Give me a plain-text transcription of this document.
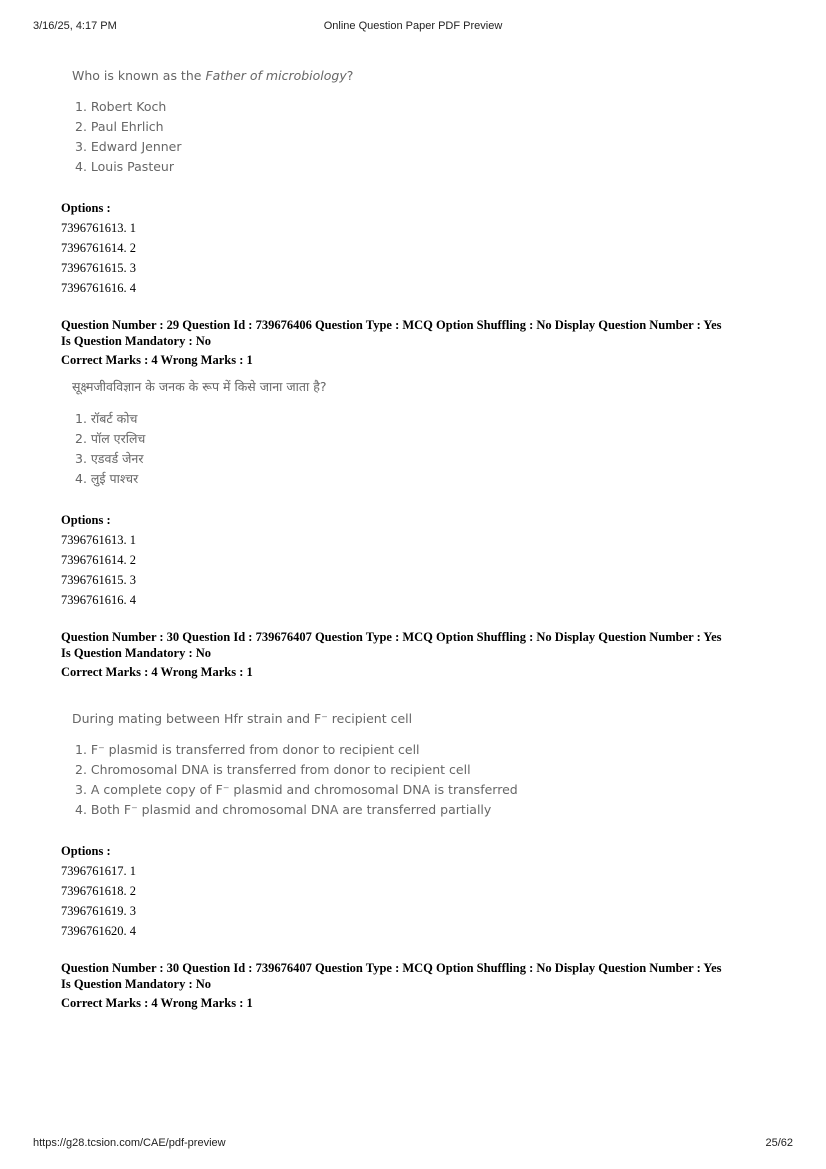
3/16/25, 4:17 PM	Online Question Paper PDF Preview

Who is known as the Father of microbiology?

1. Robert Koch
2. Paul Ehrlich
3. Edward Jenner
4. Louis Pasteur
Options :
7396761613. 1
7396761614. 2
7396761615. 3
7396761616. 4
Question Number : 29 Question Id : 739676406 Question Type : MCQ Option Shuffling : No Display Question Number : Yes
Is Question Mandatory : No
Correct Marks : 4 Wrong Marks : 1

सूक्ष्मजीवविज्ञान के जनक के रूप में किसे जाना जाता है?

1. रॉबर्ट कोच
2. पॉल एरलिच
3. एडवर्ड जेनर
4. लुई पाश्चर
Options :
7396761613. 1
7396761614. 2
7396761615. 3
7396761616. 4
Question Number : 30 Question Id : 739676407 Question Type : MCQ Option Shuffling : No Display Question Number : Yes
Is Question Mandatory : No
Correct Marks : 4 Wrong Marks : 1

During mating between Hfr strain and F⁻ recipient cell

1. F⁻ plasmid is transferred from donor to recipient cell
2. Chromosomal DNA is transferred from donor to recipient cell
3. A complete copy of F⁻ plasmid and chromosomal DNA is transferred
4. Both F⁻ plasmid and chromosomal DNA are transferred partially
Options :
7396761617. 1
7396761618. 2
7396761619. 3
7396761620. 4
Question Number : 30 Question Id : 739676407 Question Type : MCQ Option Shuffling : No Display Question Number : Yes
Is Question Mandatory : No
Correct Marks : 4 Wrong Marks : 1
https://g28.tcsion.com/CAE/pdf-preview	25/62
